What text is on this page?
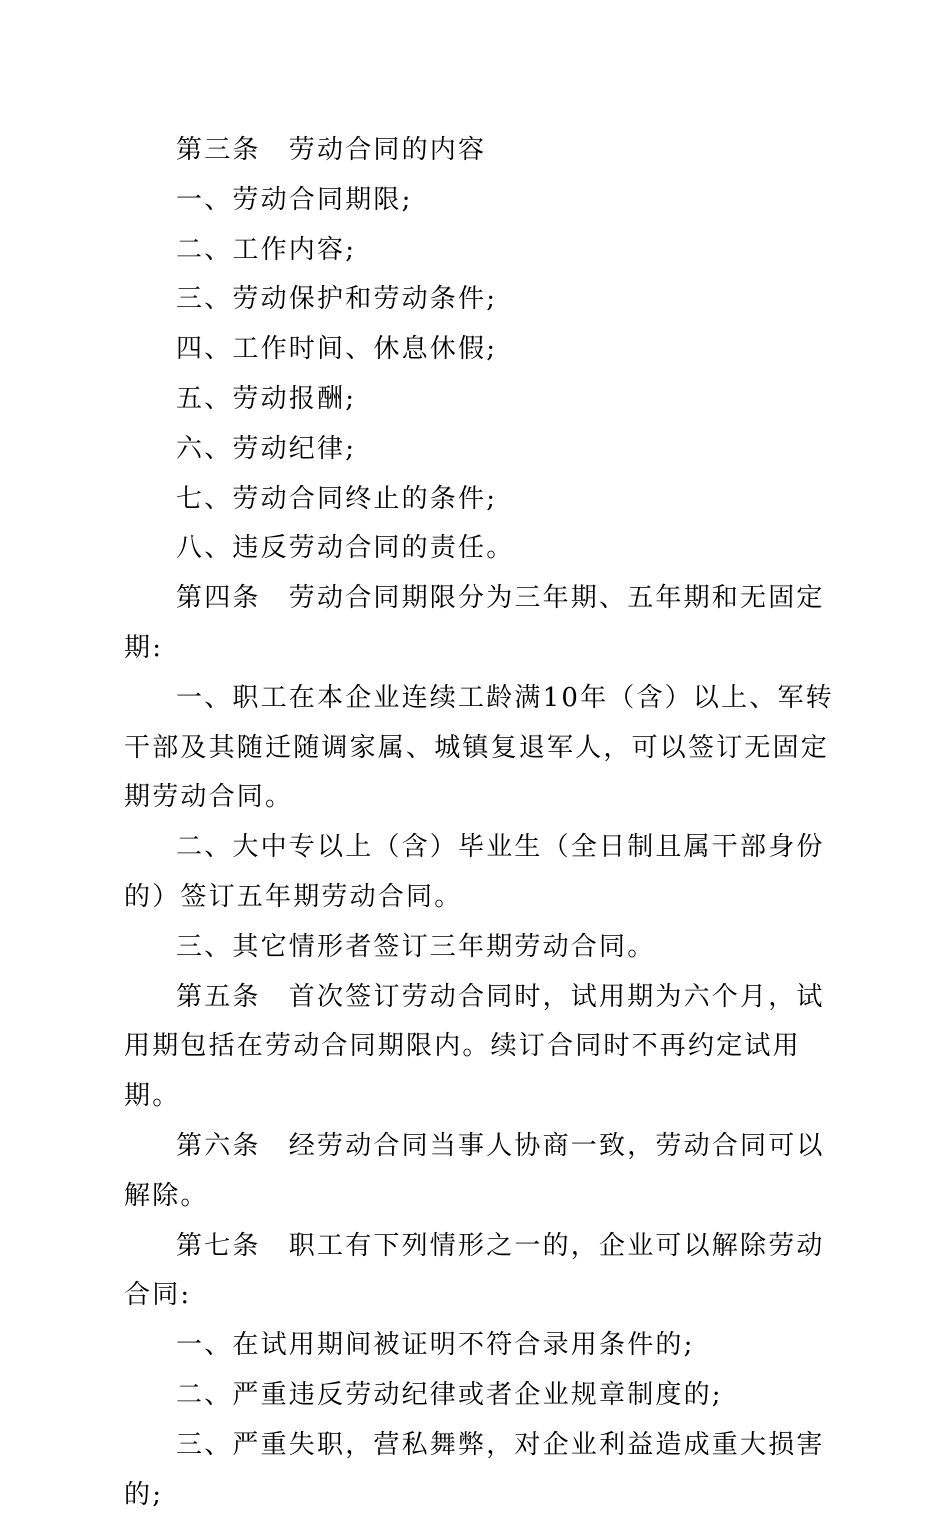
第三条　劳动合同的内容

一、劳动合同期限;

二、工作内容;

三、劳动保护和劳动条件;

四、工作时间、休息休假;

五、劳动报酬;

六、劳动纪律;

七、劳动合同终止的条件;

八、违反劳动合同的责任。

第四条　劳动合同期限分为三年期、五年期和无固定期:

一、职工在本企业连续工龄满10年（含）以上、军转干部及其随迁随调家属、城镇复退军人，可以签订无固定期劳动合同。

二、大中专以上（含）毕业生（全日制且属干部身份的）签订五年期劳动合同。

三、其它情形者签订三年期劳动合同。

第五条　首次签订劳动合同时，试用期为六个月，试用期包括在劳动合同期限内。续订合同时不再约定试用期。

第六条　经劳动合同当事人协商一致，劳动合同可以解除。

第七条　职工有下列情形之一的，企业可以解除劳动合同:

一、在试用期间被证明不符合录用条件的;

二、严重违反劳动纪律或者企业规章制度的;

三、严重失职，营私舞弊，对企业利益造成重大损害的;
